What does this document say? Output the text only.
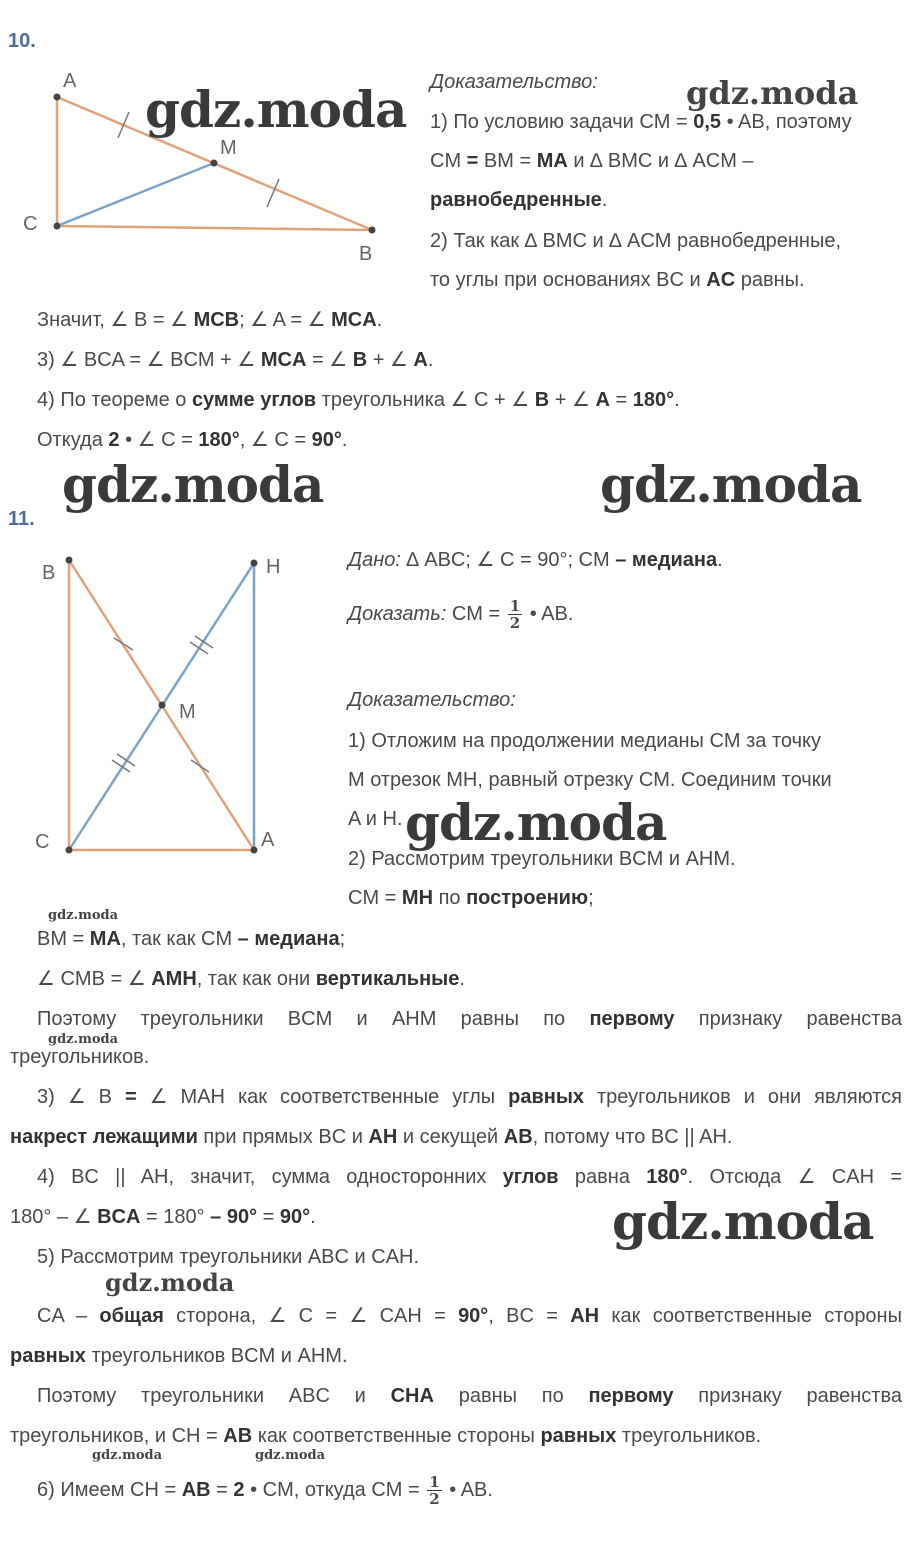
10.
A
M
C
B
Доказательство:
1) По условию задачи CM = 0,5 • AB, поэтому
CM = BM = MA и ∆ BMC и ∆ ACM –
равнобедренные.
2) Так как ∆ BMC и ∆ ACM равнобедренные,
то углы при основаниях BC и AC равны.
Значит, ∠ B = ∠ MCB; ∠ A = ∠ MCA.
3) ∠ BCA = ∠ BCM + ∠ MCA = ∠ B + ∠ A.
4) По теореме о сумме углов треугольника ∠ C + ∠ B + ∠ A = 180°.
Откуда 2 • ∠ C = 180°, ∠ C = 90°.
11.
B	H
M
C	A
Дано: ∆ ABC; ∠ C = 90°; CM – медиана.
Доказать: CM = $\frac{1}{2}$ • AB.
Доказательство:
1) Отложим на продолжении медианы CM за точку
M отрезок MH, равный отрезку CM. Соединим точки
A и H.
2) Рассмотрим треугольники BCM и AHM.
CM = MH по построению;
BM = MA, так как CM – медиана;
∠ CMB = ∠ AMH, так как они вертикальные.
Поэтому треугольники BCM и AHM равны по первому признаку равенства
треугольников.
3) ∠ B = ∠ MAH как соответственные углы равных треугольников и они являются
накрест лежащими при прямых BC и AH и секущей AB, потому что BC || AH.
4) BC || AH, значит, сумма односторонних углов равна 180°. Отсюда ∠ CAH =
180° – ∠ BCA = 180° – 90° = 90°.
5) Рассмотрим треугольники ABC и CAH.
CA – общая сторона, ∠ C = ∠ CAH = 90°, BC = AH как соответственные стороны
равных треугольников BCM и AHM.
Поэтому треугольники ABC и CHA равны по первому признаку равенства
треугольников, и CH = AB как соответственные стороны равных треугольников.
6) Имеем CH = AB = 2 • CM, откуда CM = $\frac{1}{2}$ • AB.
gdz.moda	gdz.moda
gdz.moda	gdz.moda
gdz.moda
gdz.moda
gdz.moda
gdz.moda
gdz.moda
gdz.moda	gdz.moda
